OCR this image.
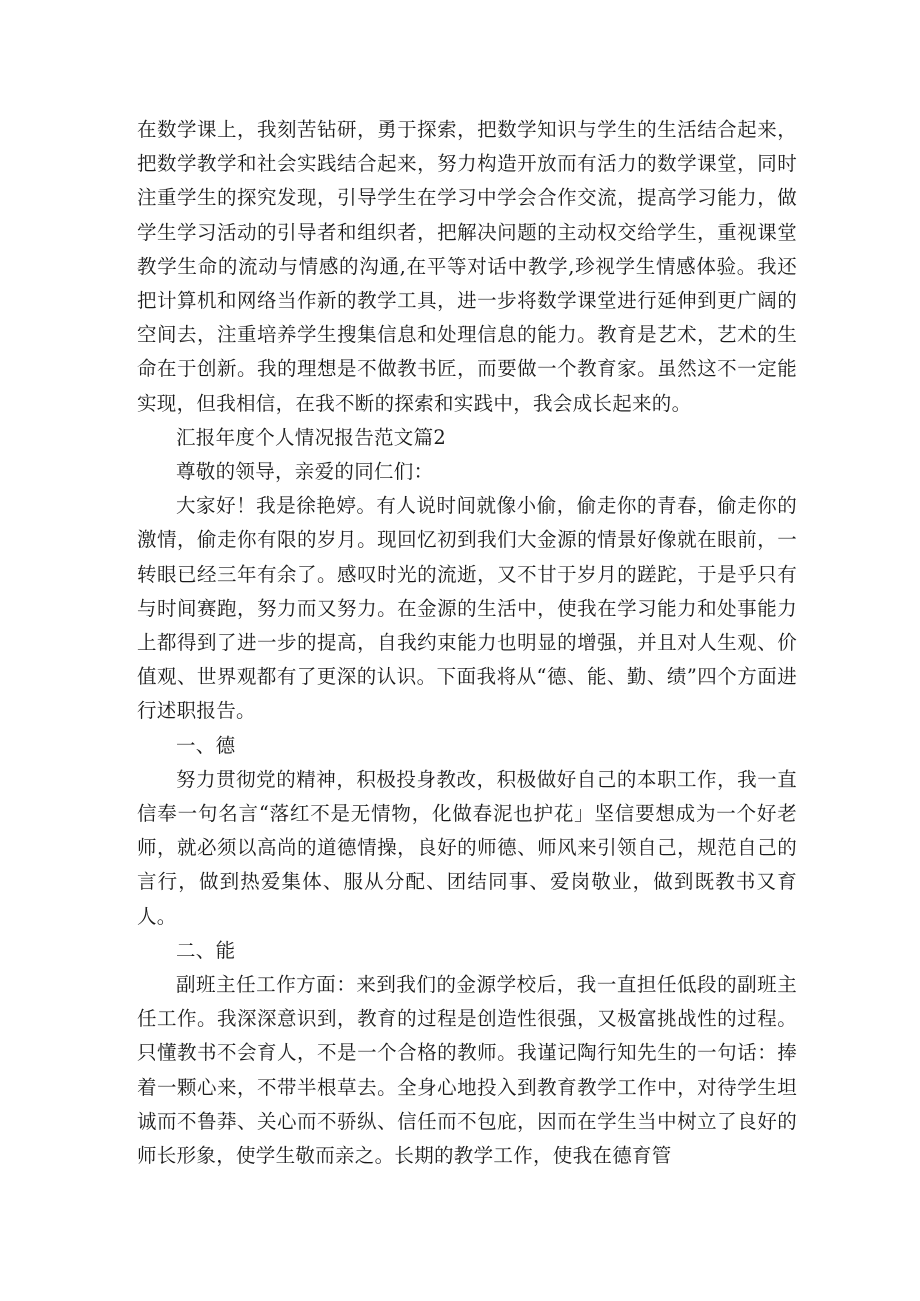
在数学课上，我刻苦钻研，勇于探索，把数学知识与学生的生活结合起来，把数学教学和社会实践结合起来，努力构造开放而有活力的数学课堂，同时注重学生的探究发现，引导学生在学习中学会合作交流，提高学习能力，做学生学习活动的引导者和组织者，把解决问题的主动权交给学生，重视课堂教学生命的流动与情感的沟通,在平等对话中教学,珍视学生情感体验。我还把计算机和网络当作新的教学工具，进一步将数学课堂进行延伸到更广阔的空间去，注重培养学生搜集信息和处理信息的能力。教育是艺术，艺术的生命在于创新。我的理想是不做教书匠，而要做一个教育家。虽然这不一定能实现，但我相信，在我不断的探索和实践中，我会成长起来的。

汇报年度个人情况报告范文篇2

尊敬的领导，亲爱的同仁们：

大家好！我是徐艳婷。有人说时间就像小偷，偷走你的青春，偷走你的激情，偷走你有限的岁月。现回忆初到我们大金源的情景好像就在眼前，一转眼已经三年有余了。感叹时光的流逝，又不甘于岁月的蹉跎，于是乎只有与时间赛跑，努力而又努力。在金源的生活中，使我在学习能力和处事能力上都得到了进一步的提高，自我约束能力也明显的增强，并且对人生观、价值观、世界观都有了更深的认识。下面我将从“德、能、勤、绩”四个方面进行述职报告。

一、德

努力贯彻党的精神，积极投身教改，积极做好自己的本职工作，我一直信奉一句名言“落红不是无情物，化做春泥也护花」坚信要想成为一个好老师，就必须以高尚的道德情操，良好的师德、师风来引领自己，规范自己的言行，做到热爱集体、服从分配、团结同事、爱岗敬业，做到既教书又育人。

二、能

副班主任工作方面：来到我们的金源学校后，我一直担任低段的副班主任工作。我深深意识到，教育的过程是创造性很强，又极富挑战性的过程。只懂教书不会育人，不是一个合格的教师。我谨记陶行知先生的一句话：捧着一颗心来，不带半根草去。全身心地投入到教育教学工作中，对待学生坦诚而不鲁莽、关心而不骄纵、信任而不包庇，因而在学生当中树立了良好的师长形象，使学生敬而亲之。长期的教学工作，使我在德育管
